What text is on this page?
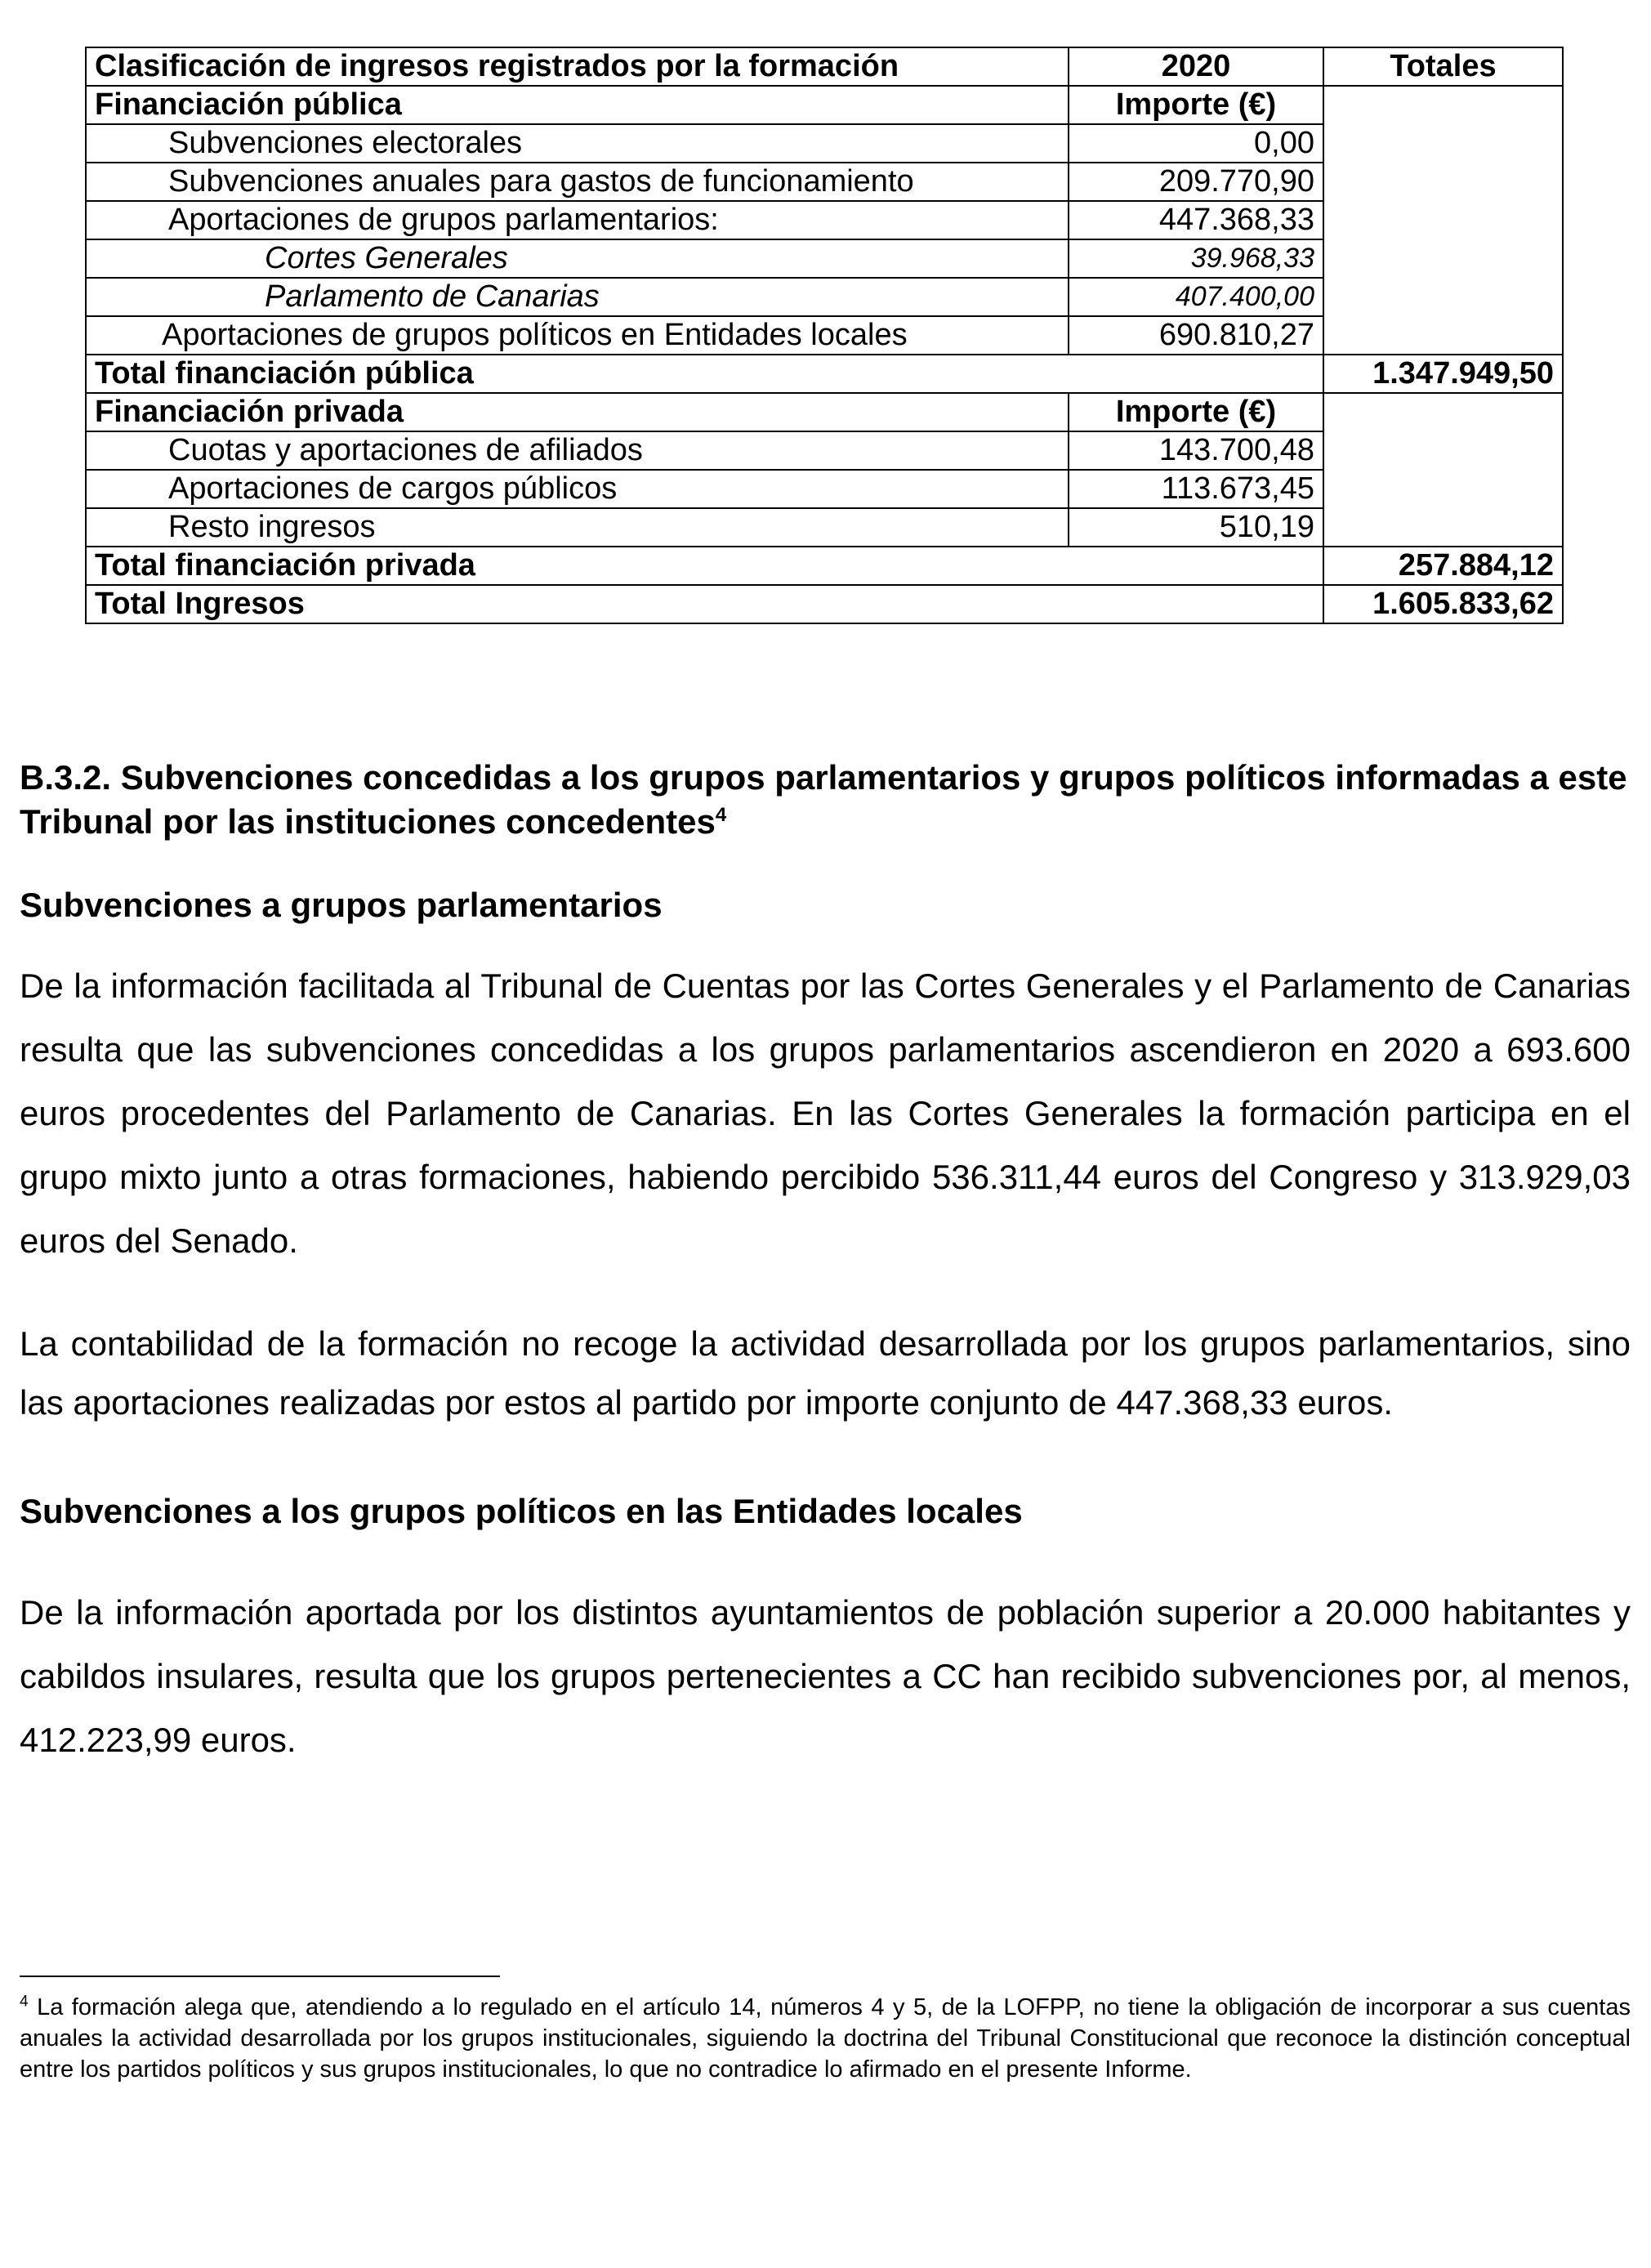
Clasificación de ingresos registrados por la formación	2020	Totales
Financiación pública	Importe (€)	
Subvenciones electorales	0,00	
Subvenciones anuales para gastos de funcionamiento	209.770,90	
Aportaciones de grupos parlamentarios:	447.368,33	
Cortes Generales	39.968,33	
Parlamento de Canarias	407.400,00	
Aportaciones de grupos políticos en Entidades locales	690.810,27	
Total financiación pública		1.347.949,50
Financiación privada	Importe (€)	
Cuotas y aportaciones de afiliados	143.700,48	
Aportaciones de cargos públicos	113.673,45	
Resto ingresos	510,19	
Total financiación privada		257.884,12
Total Ingresos		1.605.833,62
B.3.2. Subvenciones concedidas a los grupos parlamentarios y grupos políticos informadas a este Tribunal por las instituciones concedentes$^4$
Subvenciones a grupos parlamentarios
De la información facilitada al Tribunal de Cuentas por las Cortes Generales y el Parlamento de Canarias resulta que las subvenciones concedidas a los grupos parlamentarios ascendieron en 2020 a 693.600 euros procedentes del Parlamento de Canarias. En las Cortes Generales la formación participa en el grupo mixto junto a otras formaciones, habiendo percibido 536.311,44 euros del Congreso y 313.929,03 euros del Senado.
La contabilidad de la formación no recoge la actividad desarrollada por los grupos parlamentarios, sino las aportaciones realizadas por estos al partido por importe conjunto de 447.368,33 euros.
Subvenciones a los grupos políticos en las Entidades locales
De la información aportada por los distintos ayuntamientos de población superior a 20.000 habitantes y cabildos insulares, resulta que los grupos pertenecientes a CC han recibido subvenciones por, al menos, 412.223,99 euros.
$^4$ La formación alega que, atendiendo a lo regulado en el artículo 14, números 4 y 5, de la LOFPP, no tiene la obligación de incorporar a sus cuentas anuales la actividad desarrollada por los grupos institucionales, siguiendo la doctrina del Tribunal Constitucional que reconoce la distinción conceptual entre los partidos políticos y sus grupos institucionales, lo que no contradice lo afirmado en el presente Informe.
